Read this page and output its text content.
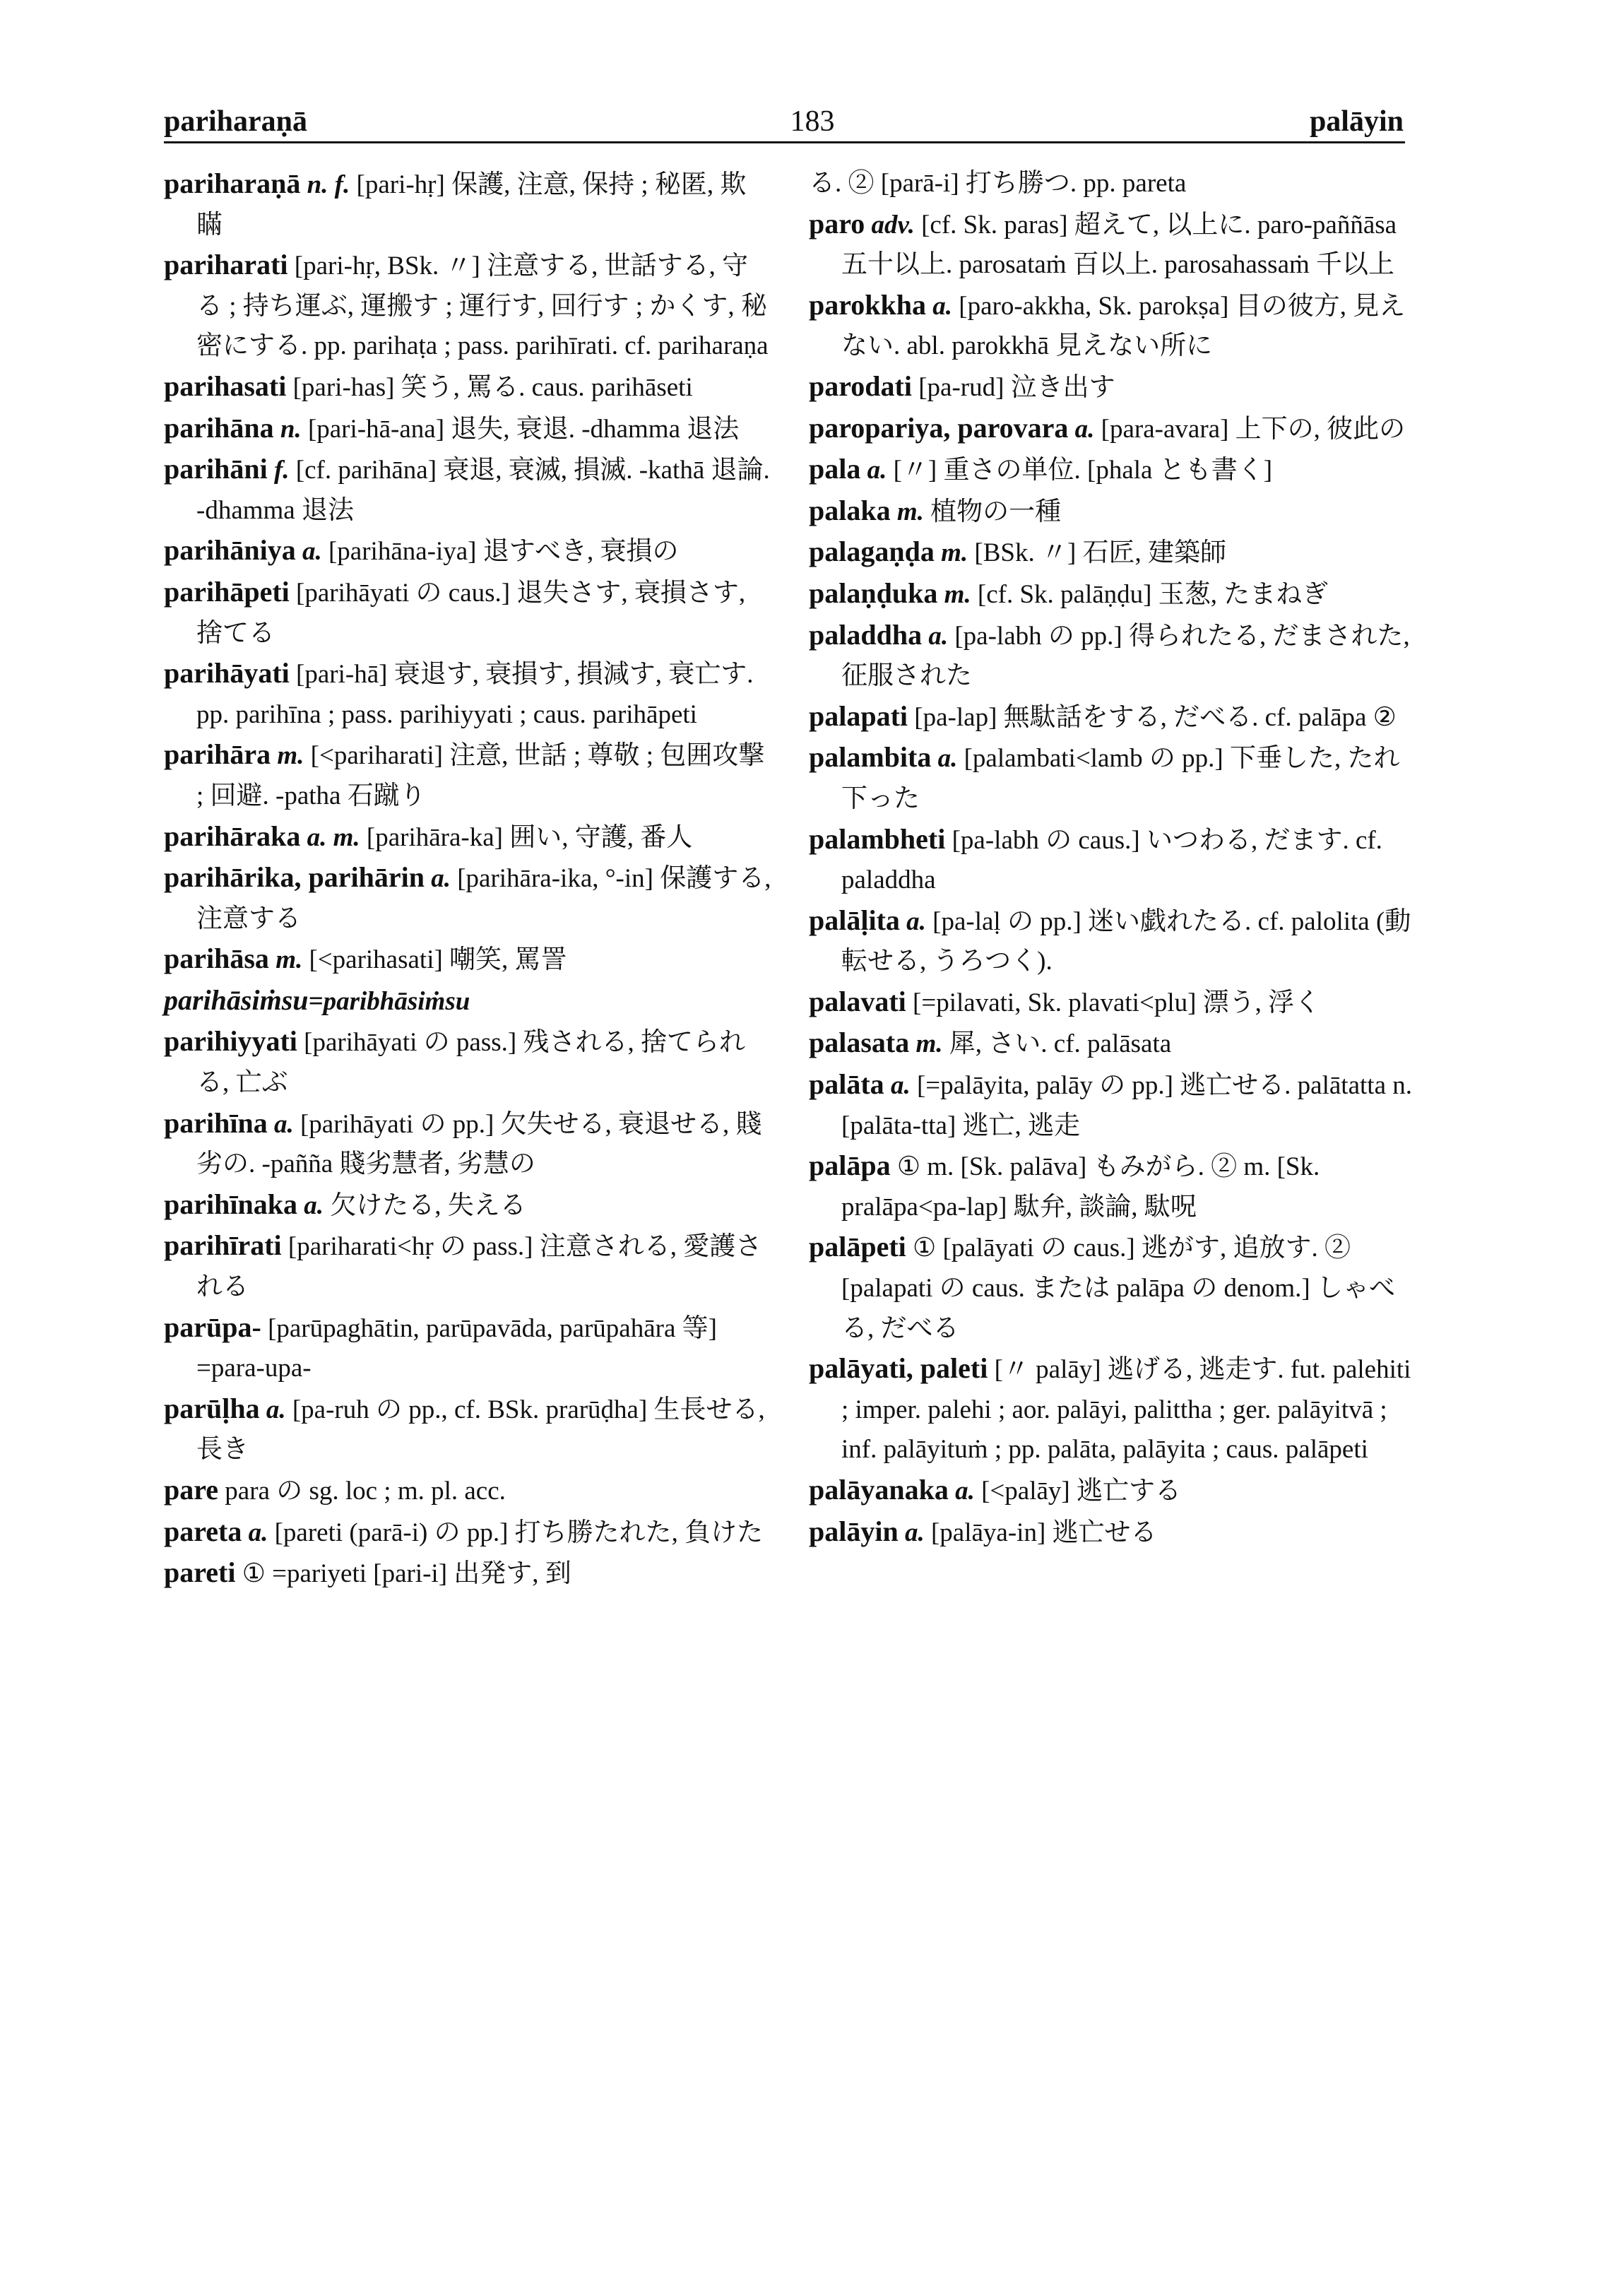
pariharaṇā	183	palāyin

pariharaṇā n. f. [pari-hṛ] 保護, 注意, 保持 ; 秘匿, 欺瞞

pariharati [pari-hṛ, BSk. 〃] 注意する, 世話する, 守る ; 持ち運ぶ, 運搬す ; 運行す, 回行す ; かくす, 秘密にする. pp. parihaṭa ; pass. parihīrati. cf. pariharaṇa

parihasati [pari-has] 笑う, 罵る. caus. parihāseti

parihāna n. [pari-hā-ana] 退失, 衰退. -dhamma 退法

parihāni f. [cf. parihāna] 衰退, 衰滅, 損滅. -kathā 退論. -dhamma 退法

parihāniya a. [parihāna-iya] 退すべき, 衰損の

parihāpeti [parihāyati の caus.] 退失さす, 衰損さす, 捨てる

parihāyati [pari-hā] 衰退す, 衰損す, 損減す, 衰亡す. pp. parihīna ; pass. parihiyyati ; caus. parihāpeti

parihāra m. [<pariharati] 注意, 世話 ; 尊敬 ; 包囲攻撃 ; 回避. -patha 石蹴り

parihāraka a. m. [parihāra-ka] 囲い, 守護, 番人

parihārika, parihārin a. [parihāra-ika, °-in] 保護する, 注意する

parihāsa m. [<parihasati] 嘲笑, 罵詈

parihāsiṁsu=paribhāsiṁsu

parihiyyati [parihāyati の pass.] 残される, 捨てられる, 亡ぶ

parihīna a. [parihāyati の pp.] 欠失せる, 衰退せる, 賤劣の. -pañña 賤劣慧者, 劣慧の

parihīnaka a. 欠けたる, 失える

parihīrati [pariharati<hṛ の pass.] 注意される, 愛護される

parūpa- [parūpaghātin, parūpavāda, parūpahāra 等] =para-upa-

parūḷha a. [pa-ruh の pp., cf. BSk. prarūḍha] 生長せる, 長き

pare para の sg. loc ; m. pl. acc.

pareta a. [pareti (parā-i) の pp.] 打ち勝たれた, 負けた

pareti ① =pariyeti [pari-i] 出発す, 到

る. ② [parā-i] 打ち勝つ. pp. pareta

paro adv. [cf. Sk. paras] 超えて, 以上に. paro-paññāsa 五十以上. parosataṁ 百以上. parosahassaṁ 千以上

parokkha a. [paro-akkha, Sk. parokṣa] 目の彼方, 見えない. abl. parokkhā 見えない所に

parodati [pa-rud] 泣き出す

paropariya, parovara a. [para-avara] 上下の, 彼此の

pala a. [〃] 重さの単位. [phala とも書く]

palaka m. 植物の一種

palagaṇḍa m. [BSk. 〃] 石匠, 建築師

palaṇḍuka m. [cf. Sk. palāṇḍu] 玉葱, たまねぎ

paladdha a. [pa-labh の pp.] 得られたる, だまされた, 征服された

palapati [pa-lap] 無駄話をする, だべる. cf. palāpa ②

palambita a. [palambati<lamb の pp.] 下垂した, たれ下った

palambheti [pa-labh の caus.] いつわる, だます. cf. paladdha

palāḷita a. [pa-laḷ の pp.] 迷い戯れたる. cf. palolita (動転せる, うろつく).

palavati [=pilavati, Sk. plavati<plu] 漂う, 浮く

palasata m. 犀, さい. cf. palāsata

palāta a. [=palāyita, palāy の pp.] 逃亡せる. palātatta n. [palāta-tta] 逃亡, 逃走

palāpa ① m. [Sk. palāva] もみがら. ② m. [Sk. pralāpa<pa-lap] 駄弁, 談論, 駄呪

palāpeti ① [palāyati の caus.] 逃がす, 追放す. ② [palapati の caus. または palāpa の denom.] しゃべる, だべる

palāyati, paleti [〃 palāy] 逃げる, 逃走す. fut. palehiti ; imper. palehi ; aor. palāyi, palittha ; ger. palāyitvā ; inf. palāyituṁ ; pp. palāta, palāyita ; caus. palāpeti

palāyanaka a. [<palāy] 逃亡する

palāyin a. [palāya-in] 逃亡せる
